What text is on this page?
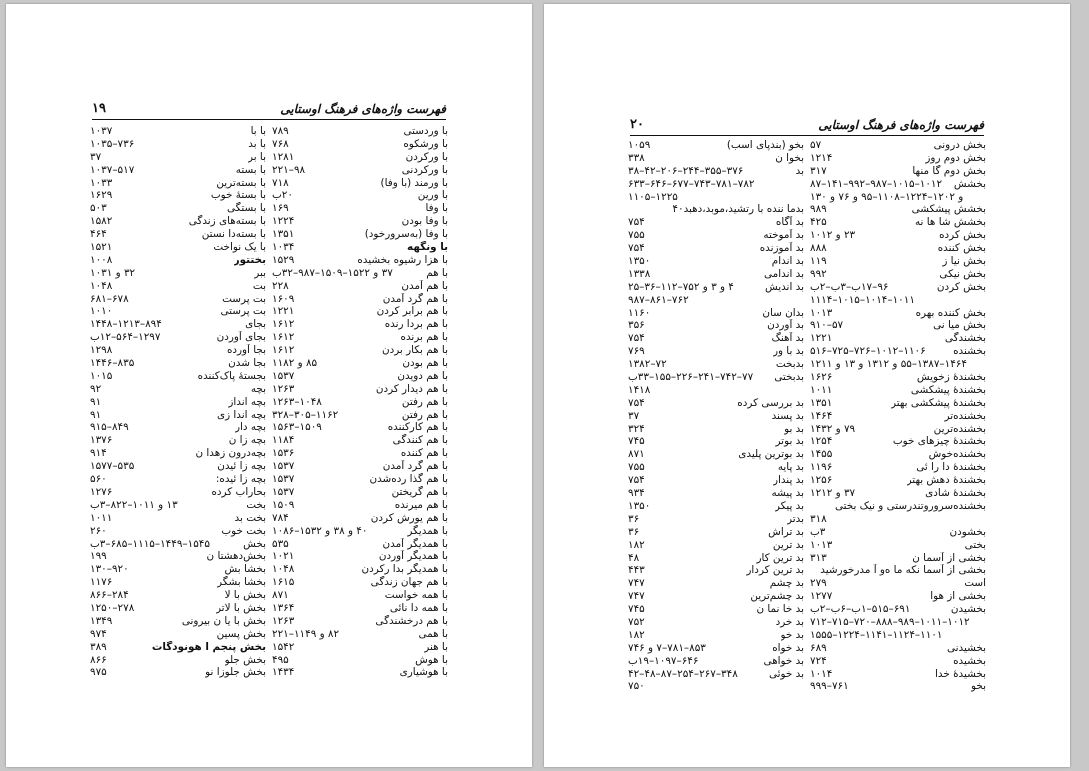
۱۹	فهرست واژه‌های فرهنگ اوستایی
با وردستی
۷۸۹
با ورشکوه
۷۶۸
با ورکردن
۱۲۸۱
با ورکردنی
۹۸–۲۲۱
با ورمند (با وفا)
۷۱۸
با ورین
۲۰ب
با وفا
۱۶۹
با وفا بودن
۱۲۲۴
با وفا (به‌سرورخود)
۱۳۵۱
با ونگهه
۱۰۳۴
با هزا رشیوه بخشیده
۱۵۲۹
با هم
۳۷ و ۱۵۲۲–۱۵۰۹–۹۸۷–۳۲ب
با هم آمدن
۲۲۸
با هم گرد آمدن
۱۶۰۹
با هم برابر کردن
۱۲۲۱
با هم بردا رنده
۱۶۱۲
با هم برنده
۱۶۱۲
با هم بکار بردن
۱۶۱۲
با هم بودن
۸۵ و ۱۱۸۲
با هم دویدن
۱۵۳۷
با هم دیدار کردن
۱۲۶۳
با هم رفتن
۱۰۴۸–۱۲۶۳
با هم رفتن
۱۱۶۲–۳۰۵–۳۲۸
با هم کارکننده
۱۵۰۹–۱۵۶۳
با هم کنندگی
۱۱۸۴
با هم کننده
۱۵۳۶
با هم گرد آمدن
۱۵۳۷
با هم گذا رده‌شدن
۱۵۳۷
با هم گریختن
۱۵۳۷
با هم میرنده
۱۵۰۹
با هم یورش کردن
۷۸۴
با همدیگر
۴۰ و ۳۸ و ۱۵۳۲–۱۰۸۶
با همدیگر آمدن
۵۳۵
با همدیگر آوردن
۱۰۲۱
با همدیگر بدا رکردن
۱۰۴۸
با هم جهان زندگی
۱۶۱۵
با همه خواست
۸۷۱
با همه دا نائی
۱۳۶۴
با هم درخشندگی
۱۲۶۳
با همی
۸۲ و ۱۱۴۹–۲۲۱
با هنر
۱۵۴۲
با هوش
۴۹۵
با هوشیاری
۱۴۳۴
با با
۱۰۳۷
با بد
۷۳۶–۱۰۳۵
با بر
۳۷
با بسته
۵۱۷–۱۰۳۷
با بسته‌ترین
۱۰۳۳
با بسته‌ٔ خوب
۱۶۲۹
با بستگی
۵۰۳
با بسته‌های زندگی
۱۵۸۲
با بسته‌دا نستن
۴۶۴
با یک نواخت
۱۵۲۱
بختتور
۱۰۰۸
ببر
۳۲ و ۱۰۳۱
بت
۱۰۴۸
بت پرست
۶۷۸–۶۸۱
بت پرستی
۱۰۱۰
بجای
۸۹۴–۱۲۱۳–۱۴۴۸
بجای آوردن
۱۲۹۷–۵۶۴–۱۲ب
بجا آورده
۱۲۹۸
بجا شدن
۸۳۵–۱۴۴۶
بجستهٔ پاک‌کننده
۱۰۱۵
بچه
۹۲
بچه انداز
۹۱
بچه اندا زی
۹۱
بچه دار
۸۴۹–۹۱۵
بچه زا ن
۱۳۷۶
بچه‌درون زهدا ن
۹۱۴
بچه زا ئیدن
۵۳۵–۱۵۷۷
بچه زا ئیده:
۵۶۰
بحاراب کرده
۱۲۷۶
بخت
۱۳ و ۱۰۱۱–۸۲۲–۳ب
بخت بد
۱۰۱۱
بخت خوب
۲۶۰
بخش
۱۵۴۵–۱۴۴۹–۱۱۱۵–۶۸۵–۳ب
بخش‌دهشتا ن
۱۹۹
بخشا بش
۹۲۰–۱۳۰
بخشا بشگر
۱۱۷۶
بخش با لا
۲۸۴–۸۶۶
بخش با لاتر
۲۷۸–۱۲۵۰
بخش با یا ن بیرونی
۱۳۴۹
بخش پسین
۹۷۴
بخش پنجم ا هونودگات
۳۸۹
بخش جلو
۸۶۶
بخش جلوزا نو
۹۷۵
۲۰	فهرست واژه‌های فرهنگ اوستایی
بخش درونی
۵۷
بخش دوم روز
۱۲۱۴
بخش دوم گا منها
۳۱۷
بخشش
۱۰۱۲–۱۰۱۵–۹۸۷–۹۹۲–۱۴۱–۸۷
و ۱۲۰۲–۱۲۲۴–۱۱۰۸–۹۵ و ۷۶ و ۱۳۰
بخشش پیشکشی
۹۸۹
بخشش شا ها نه
۴۲۵
بخش کرده
۲۳ و ۱۰۱۲
بخش کننده
۸۸۸
بخش نیا ز
۱۱۹
بخش نیکی
۹۹۲
بخش کردن
۹۶–۱۷ب–۳ب–۲ب
۱۰۱۱–۱۰۱۴–۱۰۱۵–۱۱۱۴
بخش کننده بهره
۱۰۱۳
بخش میا نی
۵۷–۹۱۰
بخشندگی
۱۲۲۱
بخشنده
۱۱۰۶–۱۰۱۲–۷۲۶–۷۲۵–۵۱۶
۱۴۶۴–۱۳۸۷–۵۵ و ۱۳۱۲ و ۱۳ و ۱۲۱۱
بخشندهٔ زخویش
۱۶۲۶
بخشندهٔ پیشکشی
۱۰۱۱
بخشندهٔ پیشکشی بهتر
۱۳۵۱
بخشنده‌تر
۱۴۶۴
بخشنده‌ترین
۷۹ و ۱۴۳۲
بخشندهٔ چیزهای خوب
۱۲۵۴
بخشنده‌خوش
۱۴۵۵
بخشندهٔ دا را ئی
۱۱۹۶
بخشندهٔ دهش بهتر
۱۲۵۶
بخشندهٔ شادی
۳۷ و ۱۲۱۲
بخشنده‌سروروتندرستی و نیک بختی
۳۱۸
بخشودن
۳ب
بختی
۱۰۱۳
بخشی از آسما ن
۳۱۳
بخشی از آسما نکه ما ه‌و آ مدرخورشید
است
۲۷۹
بخشی از هوا
۱۲۷۷
بخشیدن
۶۹۱–۵۱۵–۱ب–۶ب–۲ب
۱۰۱۲–۱۰۱۱–۹۸۹–۸۸۸–۷۲۰–۷۱۵–۷۱۲
۱۱۰۱–۱۱۲۴–۱۱۴۱–۱۲۲۴–۱۵۵۵
بخشیدنی
۶۸۹
بخشیده
۷۲۴
بخشیدهٔ خدا
۱۰۱۴
بخو
۷۶۱–۹۹۹
بخو (بندپای اسب)
۱۰۵۹
بخوا ن
۳۳۸
بد
۳۷۶–۳۵۵–۲۴۴–۲۰۶–۴۲–۳۸
۷۸۲–۷۸۱–۷۴۳–۶۷۷–۶۴۶–۶۳۳
۱۲۲۵–۱۱۰۵
بدما ننده با رتشید،موبد،دهبد۴۰
بد آگاه
۷۵۴
بد آموخته
۷۵۵
بد آموزنده
۷۵۴
بد اندام
۱۳۵۰
بد اندامی
۱۳۳۸
بد اندیش
۴ و ۳ و ۷۵۲–۱۱۲–۳۶–۲۵
۷۶۲–۸۶۱–۹۸۷
بدان سان
۱۱۶۰
بد آوردن
۳۵۶
بد آهنگ
۷۵۴
بد با ور
۷۶۹
بدبخت
۷۲–۱۳۸۲
بدبختی
۷۷–۷۴۲–۲۴۱–۲۲۶–۱۵۵–۳۳ب
۱۴۱۸
بد بررسی کرده
۷۵۴
بد پسند
۳۷
بد بو
۳۲۴
بد بوتر
۷۴۵
بد بوترین پلیدی
۸۷۱
بد پایه
۷۵۵
بد پندار
۷۵۴
بد پیشه
۹۳۴
بد پیکر
۱۳۵۰
بدتر
۳۶
بد تراش
۳۶
بد ترین
۱۸۲
بد ترین کار
۴۸
بد ترین کردار
۴۴۳
بد چشم
۷۴۷
بد چشم‌ترین
۷۴۷
بد خا نما ن
۷۴۵
بد خرد
۷۵۲
بد خو
۱۸۲
بد خواه
۸۵۳–۷۸۱–۷ و ۷۴۶
بد خواهی
۶۴۶–۱۰۹۷–۱۹ب
بد خوئی
۳۴۸–۲۶۷–۲۵۴–۸۷–۴۸–۴۲
۷۵۰
